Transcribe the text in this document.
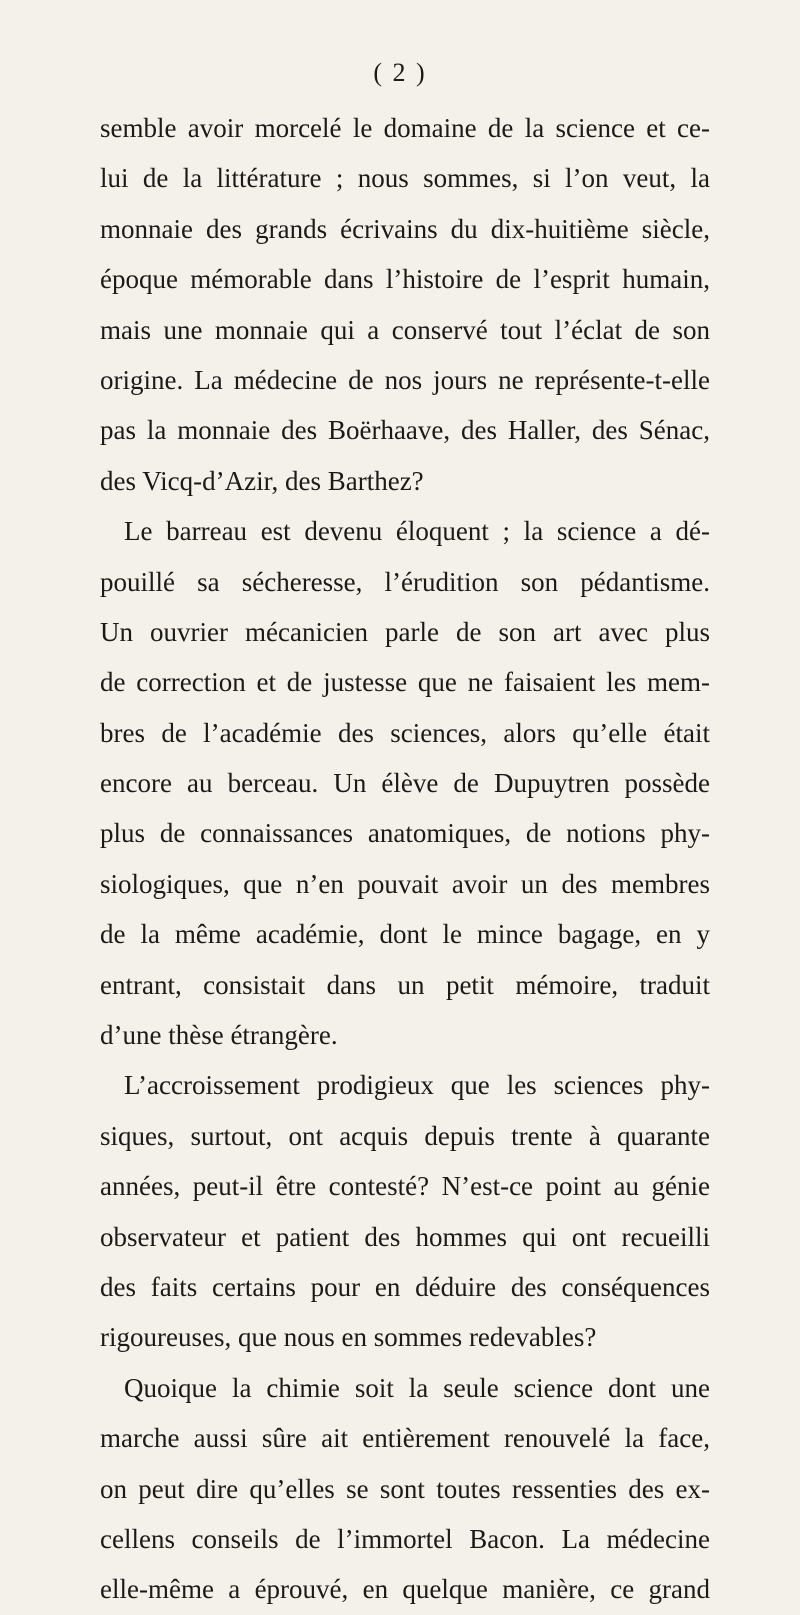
( 2 )
semble avoir morcelé le domaine de la science et ce-
lui de la littérature ; nous sommes, si l’on veut, la
monnaie des grands écrivains du dix-huitième siècle,
époque mémorable dans l’histoire de l’esprit humain,
mais une monnaie qui a conservé tout l’éclat de son
origine. La médecine de nos jours ne représente-t-elle
pas la monnaie des Boërhaave, des Haller, des Sénac,
des Vicq-d’Azir, des Barthez?
Le barreau est devenu éloquent ; la science a dé-
pouillé sa sécheresse, l’érudition son pédantisme.
Un ouvrier mécanicien parle de son art avec plus
de correction et de justesse que ne faisaient les mem-
bres de l’académie des sciences, alors qu’elle était
encore au berceau. Un élève de Dupuytren possède
plus de connaissances anatomiques, de notions phy-
siologiques, que n’en pouvait avoir un des membres
de la même académie, dont le mince bagage, en y
entrant, consistait dans un petit mémoire, traduit
d’une thèse étrangère.
L’accroissement prodigieux que les sciences phy-
siques, surtout, ont acquis depuis trente à quarante
années, peut-il être contesté? N’est-ce point au génie
observateur et patient des hommes qui ont recueilli
des faits certains pour en déduire des conséquences
rigoureuses, que nous en sommes redevables?
Quoique la chimie soit la seule science dont une
marche aussi sûre ait entièrement renouvelé la face,
on peut dire qu’elles se sont toutes ressenties des ex-
cellens conseils de l’immortel Bacon. La médecine
elle-même a éprouvé, en quelque manière, ce grand
